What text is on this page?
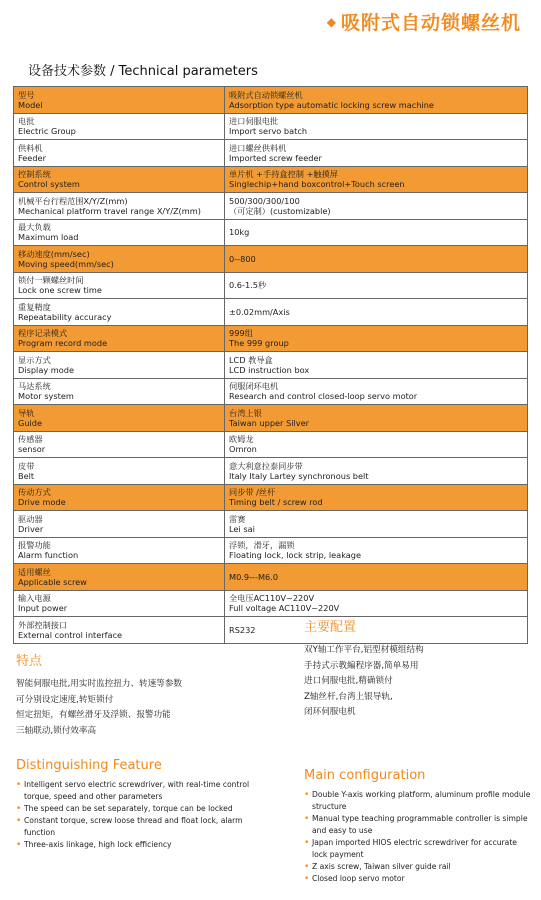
◆ 吸附式自动锁螺丝机
设备技术参数 / Technical parameters
型号
Model	吸附式自动锁螺丝机
Adsorption type automatic locking screw machine

电批
Electric Group	进口伺服电批
Import servo batch

供料机
Feeder	进口螺丝供料机
Imported screw feeder

控制系统
Control system	单片机 +手持盒控制 +触摸屏
Singlechip+hand boxcontrol+Touch screen

机械平台行程范围X/Y/Z(mm)
Mechanical platform travel range X/Y/Z(mm)	500/300/300/100
（可定制）(customizable)

最大负载
Maximum load	10kg

移动速度(mm/sec)
Moving speed(mm/sec)	0--800

锁付一颗螺丝时间
Lock one screw time	0.6-1.5秒

重复精度
Repeatability accuracy	±0.02mm/Axis

程序记录模式
Program record mode	999组
The 999 group

显示方式
Display mode	LCD 教导盒
LCD instruction box

马达系统
Motor system	伺服闭环电机
Research and control closed-loop servo motor

导轨
Guide	台湾上银
Taiwan upper Silver

传感器
sensor	欧姆龙
Omron

皮带
Belt	意大利意拉泰同步带
Italy Italy Lartey synchronous belt

传动方式
Drive mode	同步带 /丝杆
Timing belt / screw rod

驱动器
Driver	雷赛
Lei sai

报警功能
Alarm function	浮锁，滑牙，漏锁
Floating lock, lock strip, leakage

适用螺丝
Applicable screw	M0.9---M6.0

输入电源
Input power	全电压AC110V~220V
Full voltage AC110V~220V

外部控制接口
External control interface	RS232
特点
智能伺服电批,用实时监控扭力、转速等参数
可分别设定速度,转矩锁付
恒定扭矩，有螺丝滑牙及浮锁、报警功能
三轴联动,锁付效率高
主要配置
双Y轴工作平台,铝型材模组结构
手持式示教編程序器,简单易用
进口伺服电批,精确锁付
Z轴丝杆,台湾上银导轨,
闭环伺服电机
Distinguishing Feature
• Intelligent servo electric screwdriver, with real-time control torque, speed and other parameters
• The speed can be set separately, torque can be locked
• Constant torque, screw loose thread and float lock, alarm function
• Three-axis linkage, high lock efficiency
Main configuration
• Double Y-axis working platform, aluminum profile module structure
• Manual type teaching programmable controller is simple and easy to use
• Japan imported HIOS electric screwdriver for accurate lock payment
• Z axis screw, Taiwan silver guide rail
• Closed loop servo motor
